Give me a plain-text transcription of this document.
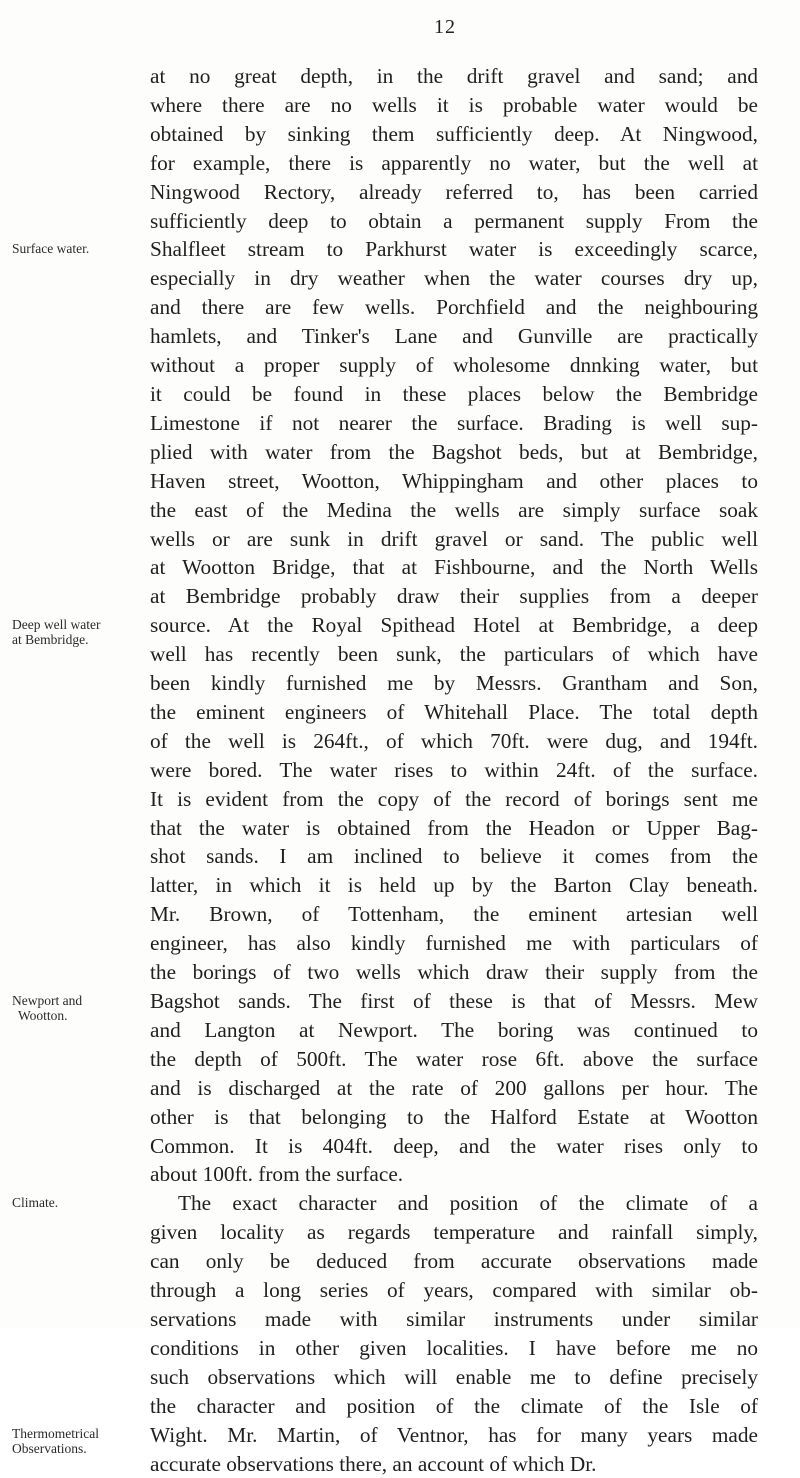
12
Surface water.
Deep well water
at Bembridge.
Newport and
Wootton.
Climate.
Thermometrical
Observations.
at no great depth, in the drift gravel and sand; and
where there are no wells it is probable water would be
obtained by sinking them sufficiently deep. At Ningwood,
for example, there is apparently no water, but the well at
Ningwood Rectory, already referred to, has been carried
sufficiently deep to obtain a permanent supply From the
Shalfleet stream to Parkhurst water is exceedingly scarce,
especially in dry weather when the water courses dry up,
and there are few wells. Porchfield and the neighbouring
hamlets, and Tinker's Lane and Gunville are practically
without a proper supply of wholesome dnnking water, but
it could be found in these places below the Bembridge
Limestone if not nearer the surface. Brading is well sup-
plied with water from the Bagshot beds, but at Bembridge,
Haven street, Wootton, Whippingham and other places to
the east of the Medina the wells are simply surface soak
wells or are sunk in drift gravel or sand. The public well
at Wootton Bridge, that at Fishbourne, and the North Wells
at Bembridge probably draw their supplies from a deeper
source. At the Royal Spithead Hotel at Bembridge, a deep
well has recently been sunk, the particulars of which have
been kindly furnished me by Messrs. Grantham and Son,
the eminent engineers of Whitehall Place. The total depth
of the well is 264ft., of which 70ft. were dug, and 194ft.
were bored. The water rises to within 24ft. of the surface.
It is evident from the copy of the record of borings sent me
that the water is obtained from the Headon or Upper Bag-
shot sands. I am inclined to believe it comes from the
latter, in which it is held up by the Barton Clay beneath.
Mr. Brown, of Tottenham, the eminent artesian well
engineer, has also kindly furnished me with particulars of
the borings of two wells which draw their supply from the
Bagshot sands. The first of these is that of Messrs. Mew
and Langton at Newport. The boring was continued to
the depth of 500ft. The water rose 6ft. above the surface
and is discharged at the rate of 200 gallons per hour. The
other is that belonging to the Halford Estate at Wootton
Common. It is 404ft. deep, and the water rises only to
about 100ft. from the surface.
The exact character and position of the climate of a
given locality as regards temperature and rainfall simply,
can only be deduced from accurate observations made
through a long series of years, compared with similar ob-
servations made with similar instruments under similar
conditions in other given localities. I have before me no
such observations which will enable me to define precisely
the character and position of the climate of the Isle of
Wight. Mr. Martin, of Ventnor, has for many years made
accurate observations there, an account of which Dr.
